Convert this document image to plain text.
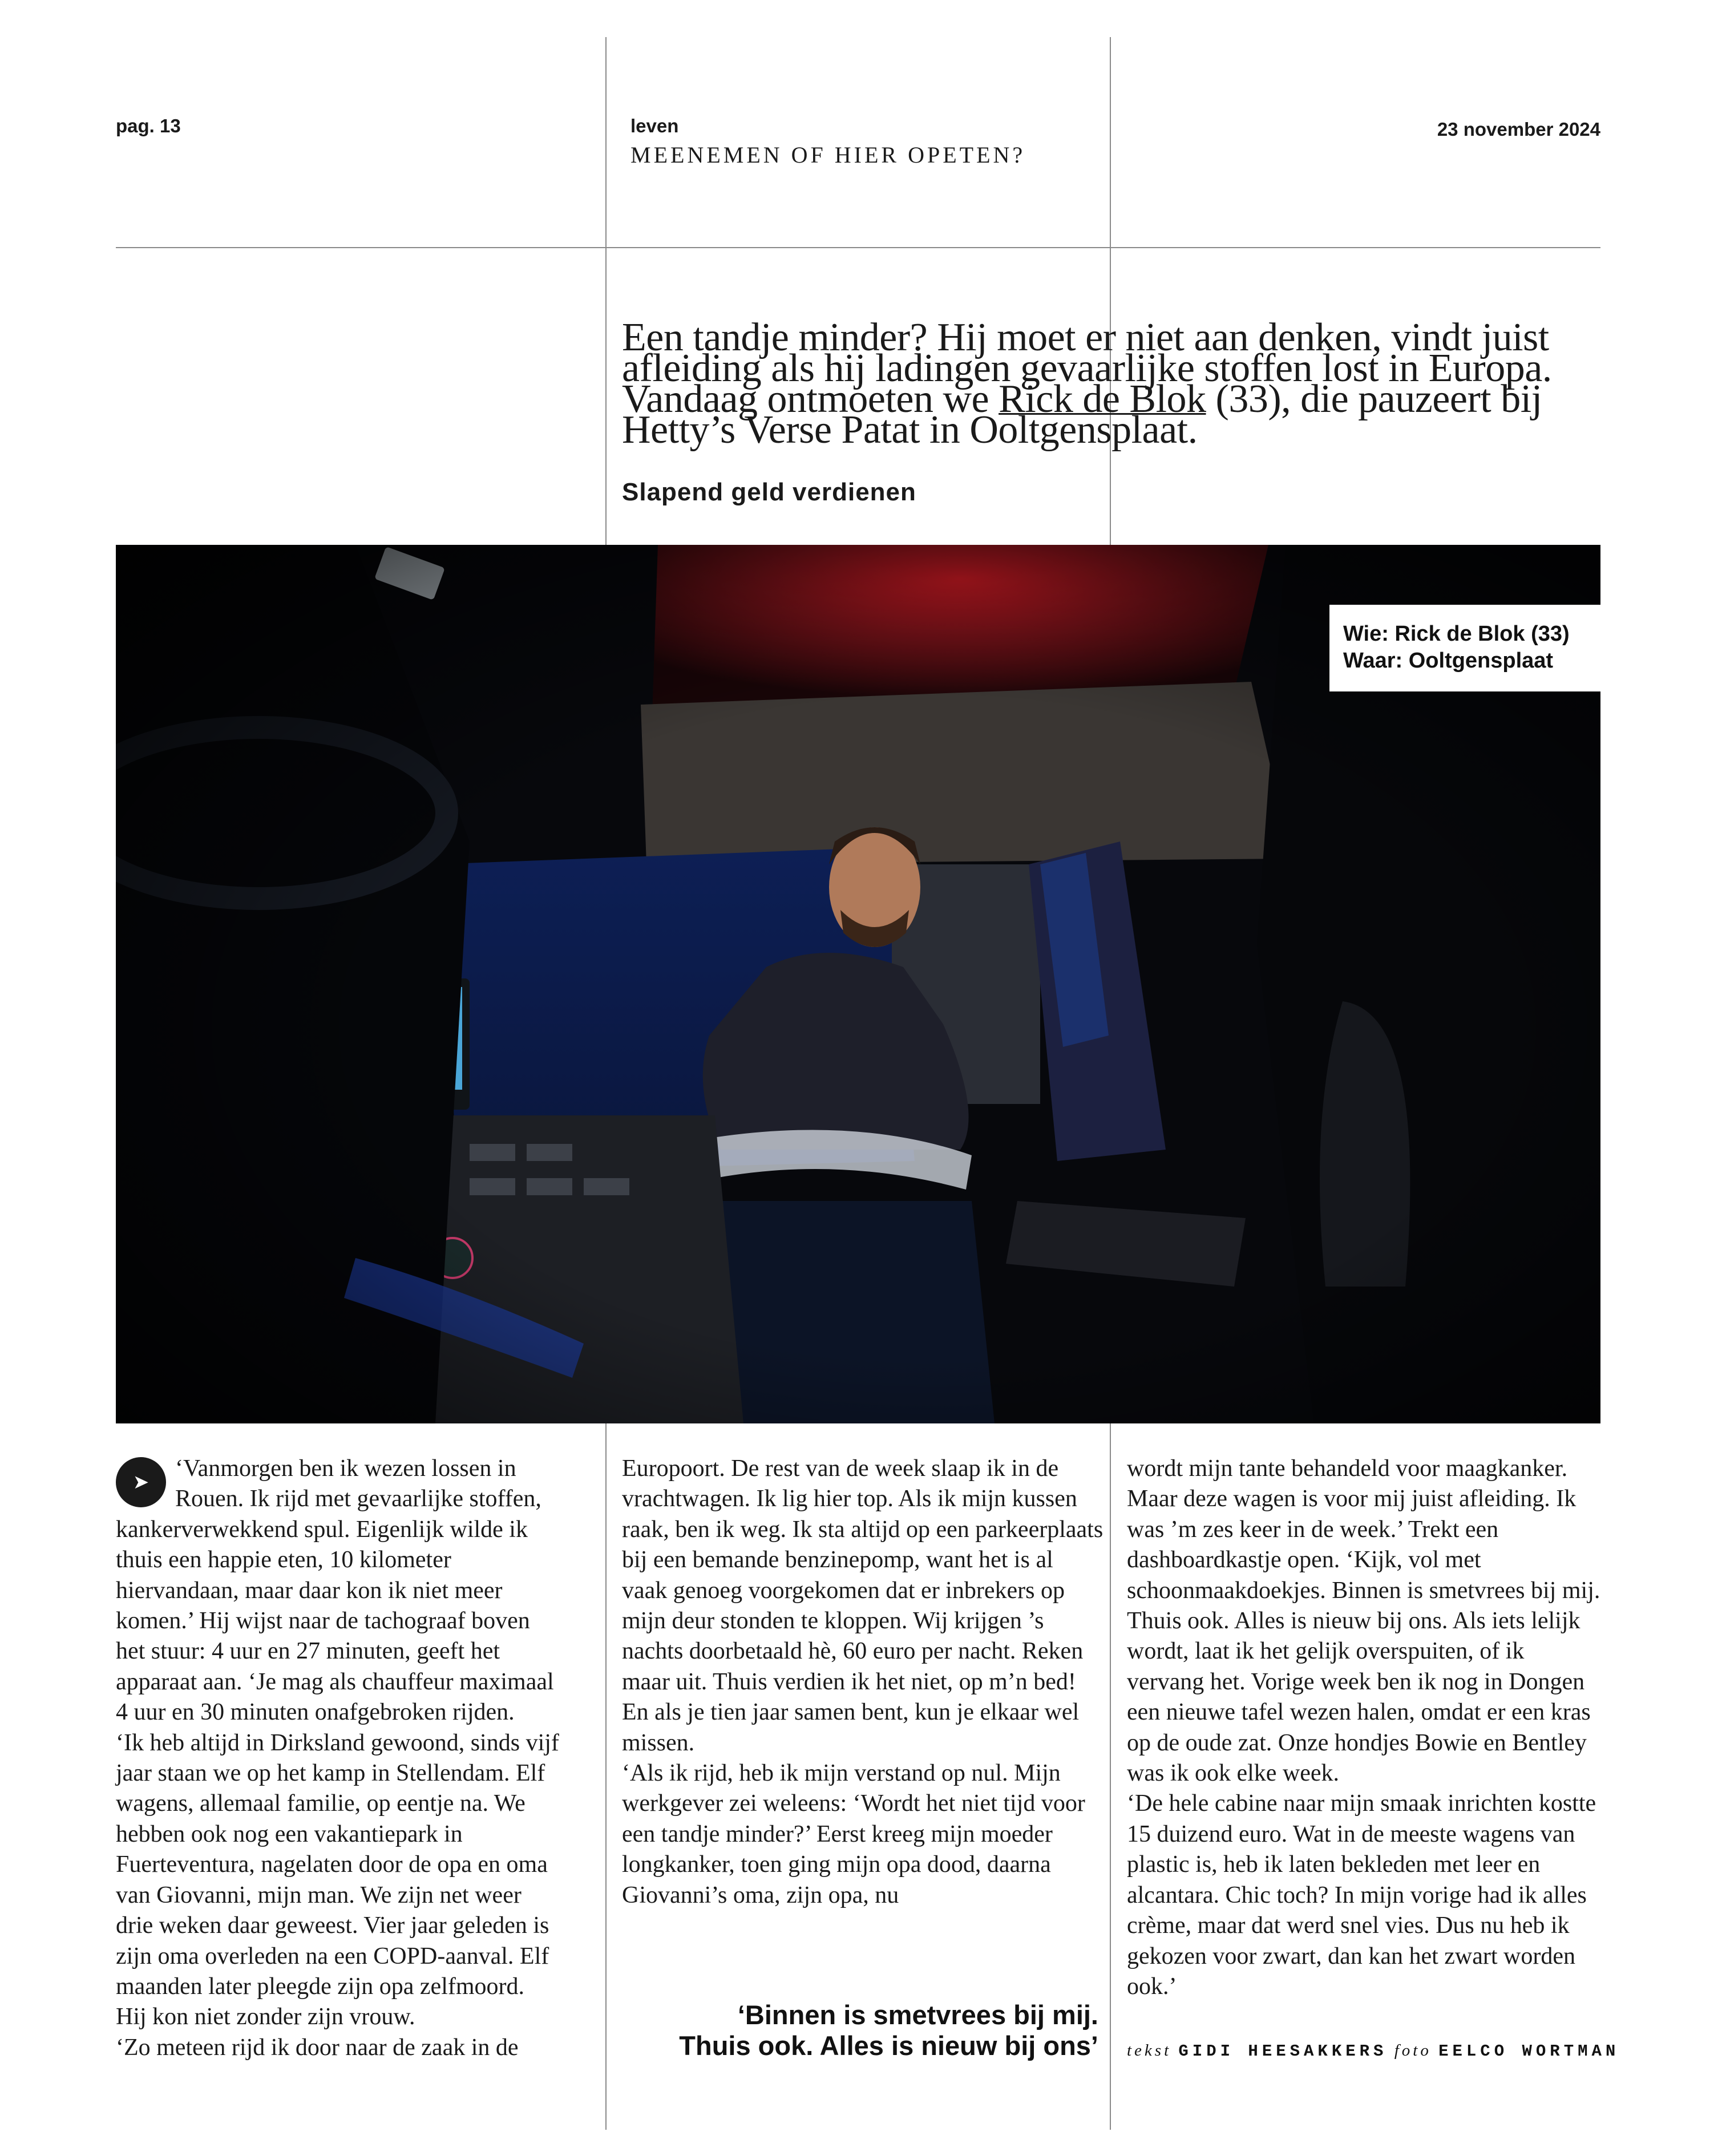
pag. 13	leven
MEENEMEN OF HIER OPETEN?
23 november 2024
Een tandje minder? Hij moet er niet aan denken, vindt juist afleiding als hij ladingen gevaarlijke stoffen lost in Europa. Vandaag ontmoeten we Rick de Blok (33), die pauzeert bij Hetty’s Verse Patat in Ooltgensplaat.
Slapend geld verdienen
Wie: Rick de Blok (33)
Waar: Ooltgensplaat
➤

‘Vanmorgen ben ik wezen lossen in Rouen. Ik rijd met gevaarlijke stoffen, kankerverwekkend spul. Eigenlijk wilde ik thuis een happie eten, 10 kilometer hiervandaan, maar daar kon ik niet meer komen.’ Hij wijst naar de tachograaf boven het stuur: 4 uur en 27 minuten, geeft het apparaat aan. ‘Je mag als chauffeur maximaal 4 uur en 30 minuten onafgebroken rijden.

‘Ik heb altijd in Dirksland gewoond, sinds vijf jaar staan we op het kamp in Stellendam. Elf wagens, allemaal familie, op eentje na. We hebben ook nog een vakantiepark in Fuerteventura, nagelaten door de opa en oma van Giovanni, mijn man. We zijn net weer drie weken daar geweest. Vier jaar geleden is zijn oma overleden na een COPD-aanval. Elf maanden later pleegde zijn opa zelfmoord. Hij kon niet zonder zijn vrouw.

‘Zo meteen rijd ik door naar de zaak in de

Europoort. De rest van de week slaap ik in de vrachtwagen. Ik lig hier top. Als ik mijn kussen raak, ben ik weg. Ik sta altijd op een parkeerplaats bij een bemande benzinepomp, want het is al vaak genoeg voorgekomen dat er inbrekers op mijn deur stonden te kloppen. Wij krijgen ’s nachts doorbetaald hè, 60 euro per nacht. Reken maar uit. Thuis verdien ik het niet, op m’n bed! En als je tien jaar samen bent, kun je elkaar wel missen.

‘Als ik rijd, heb ik mijn verstand op nul. Mijn werkgever zei weleens: ‘Wordt het niet tijd voor een tandje minder?’ Eerst kreeg mijn moeder longkanker, toen ging mijn opa dood, daarna Giovanni’s oma, zijn opa, nu

wordt mijn tante behandeld voor maagkanker. Maar deze wagen is voor mij juist afleiding. Ik was ’m zes keer in de week.’ Trekt een dashboardkastje open. ‘Kijk, vol met schoonmaakdoekjes. Binnen is smetvrees bij mij. Thuis ook. Alles is nieuw bij ons. Als iets lelijk wordt, laat ik het gelijk overspuiten, of ik vervang het. Vorige week ben ik nog in Dongen een nieuwe tafel wezen halen, omdat er een kras op de oude zat. Onze hondjes Bowie en Bentley was ik ook elke week.

‘De hele cabine naar mijn smaak inrichten kostte 15 duizend euro. Wat in de meeste wagens van plastic is, heb ik laten bekleden met leer en alcantara. Chic toch? In mijn vorige had ik alles crème, maar dat werd snel vies. Dus nu heb ik gekozen voor zwart, dan kan het zwart worden ook.’

‘Binnen is smetvrees bij mij.
Thuis ook. Alles is nieuw bij ons’ tekst GIDI HEESAKKERS foto EELCO WORTMAN
